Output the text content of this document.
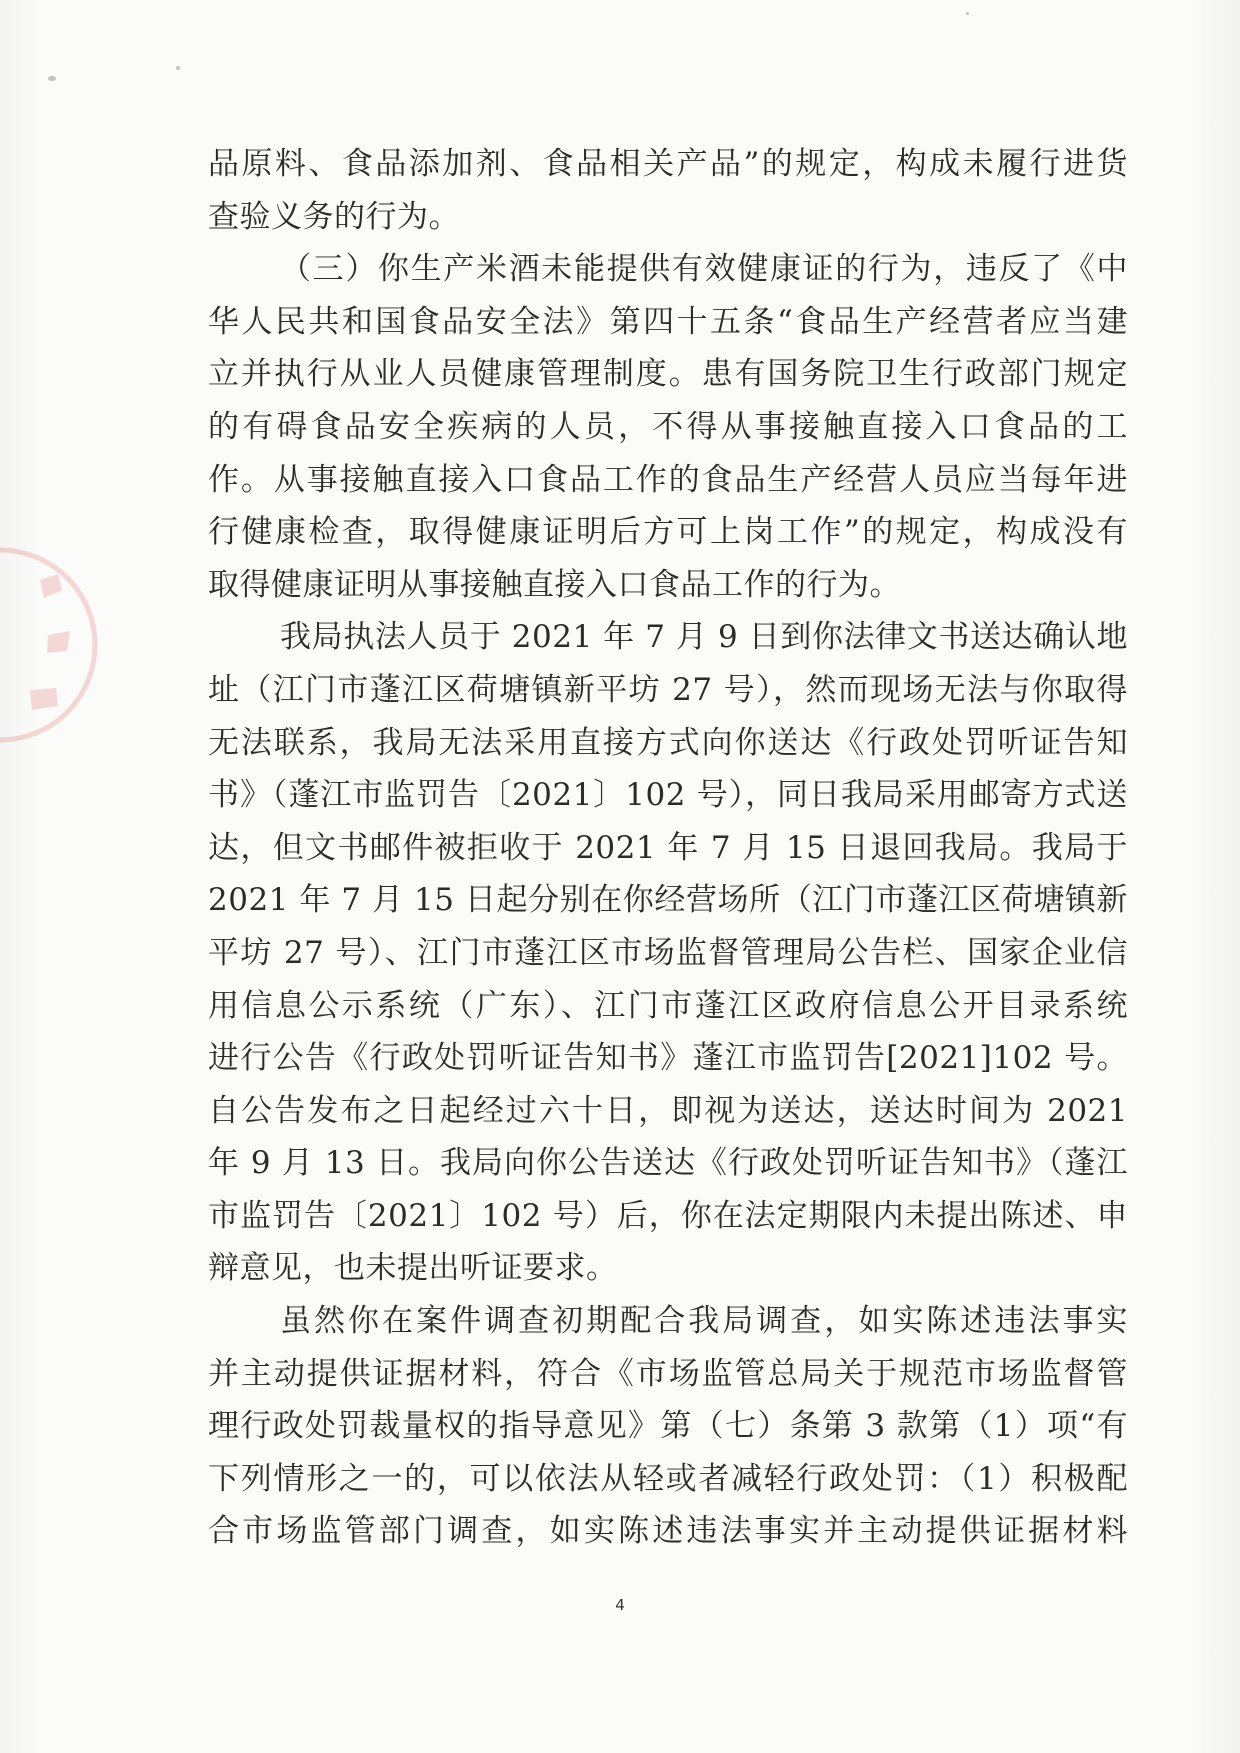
品原料、食品添加剂、食品相关产品”的规定，构成未履行进货
查验义务的行为。
（三）你生产米酒未能提供有效健康证的行为，违反了《中
华人民共和国食品安全法》第四十五条“食品生产经营者应当建
立并执行从业人员健康管理制度。患有国务院卫生行政部门规定
的有碍食品安全疾病的人员，不得从事接触直接入口食品的工
作。从事接触直接入口食品工作的食品生产经营人员应当每年进
行健康检查，取得健康证明后方可上岗工作”的规定，构成没有
取得健康证明从事接触直接入口食品工作的行为。
我局执法人员于 2021 年 7 月 9 日到你法律文书送达确认地
址（江门市蓬江区荷塘镇新平坊 27 号），然而现场无法与你取得
无法联系，我局无法采用直接方式向你送达《行政处罚听证告知
书》（蓬江市监罚告〔2021〕102 号），同日我局采用邮寄方式送
达，但文书邮件被拒收于 2021 年 7 月 15 日退回我局。我局于
2021 年 7 月 15 日起分别在你经营场所（江门市蓬江区荷塘镇新
平坊 27 号）、江门市蓬江区市场监督管理局公告栏、国家企业信
用信息公示系统（广东）、江门市蓬江区政府信息公开目录系统
进行公告《行政处罚听证告知书》蓬江市监罚告[2021]102 号。
自公告发布之日起经过六十日，即视为送达，送达时间为 2021
年 9 月 13 日。我局向你公告送达《行政处罚听证告知书》（蓬江
市监罚告〔2021〕102 号）后，你在法定期限内未提出陈述、申
辩意见，也未提出听证要求。
虽然你在案件调查初期配合我局调查，如实陈述违法事实
并主动提供证据材料，符合《市场监管总局关于规范市场监督管
理行政处罚裁量权的指导意见》第（七）条第 3 款第（1）项“有
下列情形之一的，可以依法从轻或者减轻行政处罚：（1）积极配
合市场监管部门调查，如实陈述违法事实并主动提供证据材料
4
